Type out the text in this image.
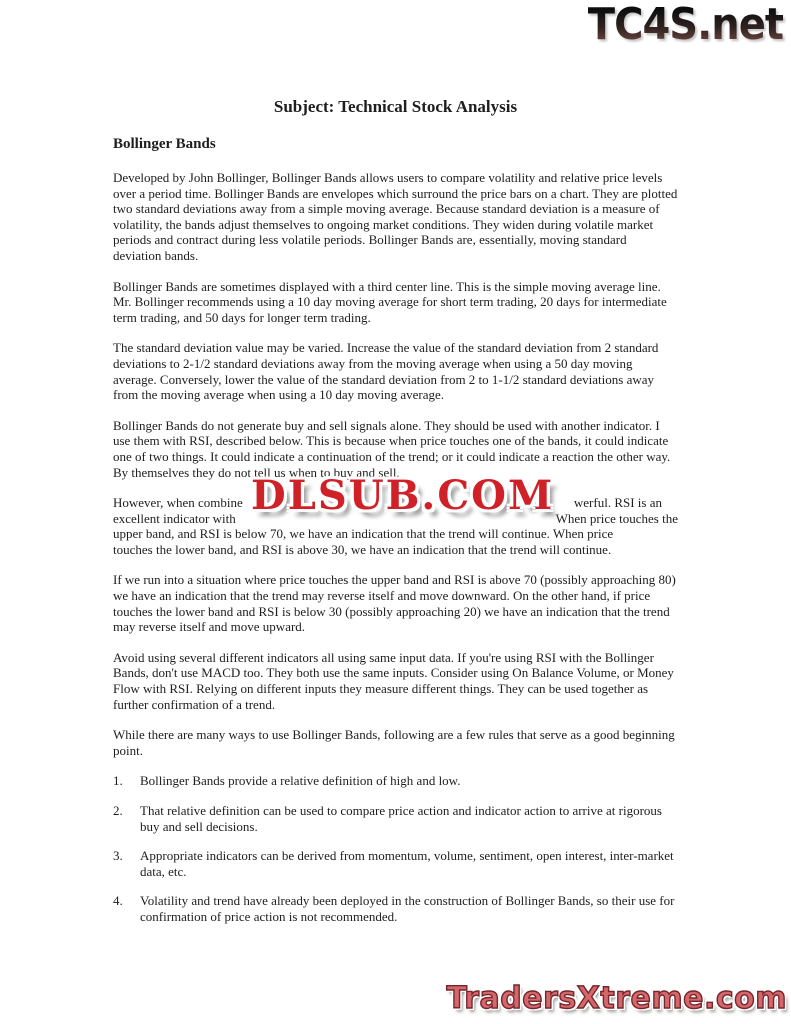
TC4S.net
Subject: Technical Stock Analysis
Bollinger Bands
Developed by John Bollinger, Bollinger Bands allows users to compare volatility and relative price levels over a period time. Bollinger Bands are envelopes which surround the price bars on a chart. They are plotted two standard deviations away from a simple moving average. Because standard deviation is a measure of volatility, the bands adjust themselves to ongoing market conditions. They widen during volatile market periods and contract during less volatile periods. Bollinger Bands are, essentially, moving standard deviation bands.
Bollinger Bands are sometimes displayed with a third center line. This is the simple moving average line. Mr. Bollinger recommends using a 10 day moving average for short term trading, 20 days for intermediate term trading, and 50 days for longer term trading.
The standard deviation value may be varied. Increase the value of the standard deviation from 2 standard deviations to 2-1/2 standard deviations away from the moving average when using a 50 day moving average. Conversely, lower the value of the standard deviation from 2 to 1-1/2 standard deviations away from the moving average when using a 10 day moving average.
Bollinger Bands do not generate buy and sell signals alone. They should be used with another indicator. I use them with RSI, described below. This is because when price touches one of the bands, it could indicate one of two things. It could indicate a continuation of the trend; or it could indicate a reaction the other way. By themselves they do not tell us when to buy and sell.
However, when combine	werful. RSI is an
excellent indicator with	When price touches the
upper band, and RSI is below 70, we have an indication that the trend will continue. When price
touches the lower band, and RSI is above 30, we have an indication that the trend will continue.
DLSUB.COM
If we run into a situation where price touches the upper band and RSI is above 70 (possibly approaching 80) we have an indication that the trend may reverse itself and move downward. On the other hand, if price touches the lower band and RSI is below 30 (possibly approaching 20) we have an indication that the trend may reverse itself and move upward.
Avoid using several different indicators all using same input data. If you're using RSI with the Bollinger Bands, don't use MACD too. They both use the same inputs. Consider using On Balance Volume, or Money Flow with RSI. Relying on different inputs they measure different things. They can be used together as further confirmation of a trend.
While there are many ways to use Bollinger Bands, following are a few rules that serve as a good beginning point.
1.	Bollinger Bands provide a relative definition of high and low.
2.	That relative definition can be used to compare price action and indicator action to arrive at rigorous buy and sell decisions.
3.	Appropriate indicators can be derived from momentum, volume, sentiment, open interest, inter-market data, etc.
4.	Volatility and trend have already been deployed in the construction of Bollinger Bands, so their use for confirmation of price action is not recommended.
TradersXtreme.com
